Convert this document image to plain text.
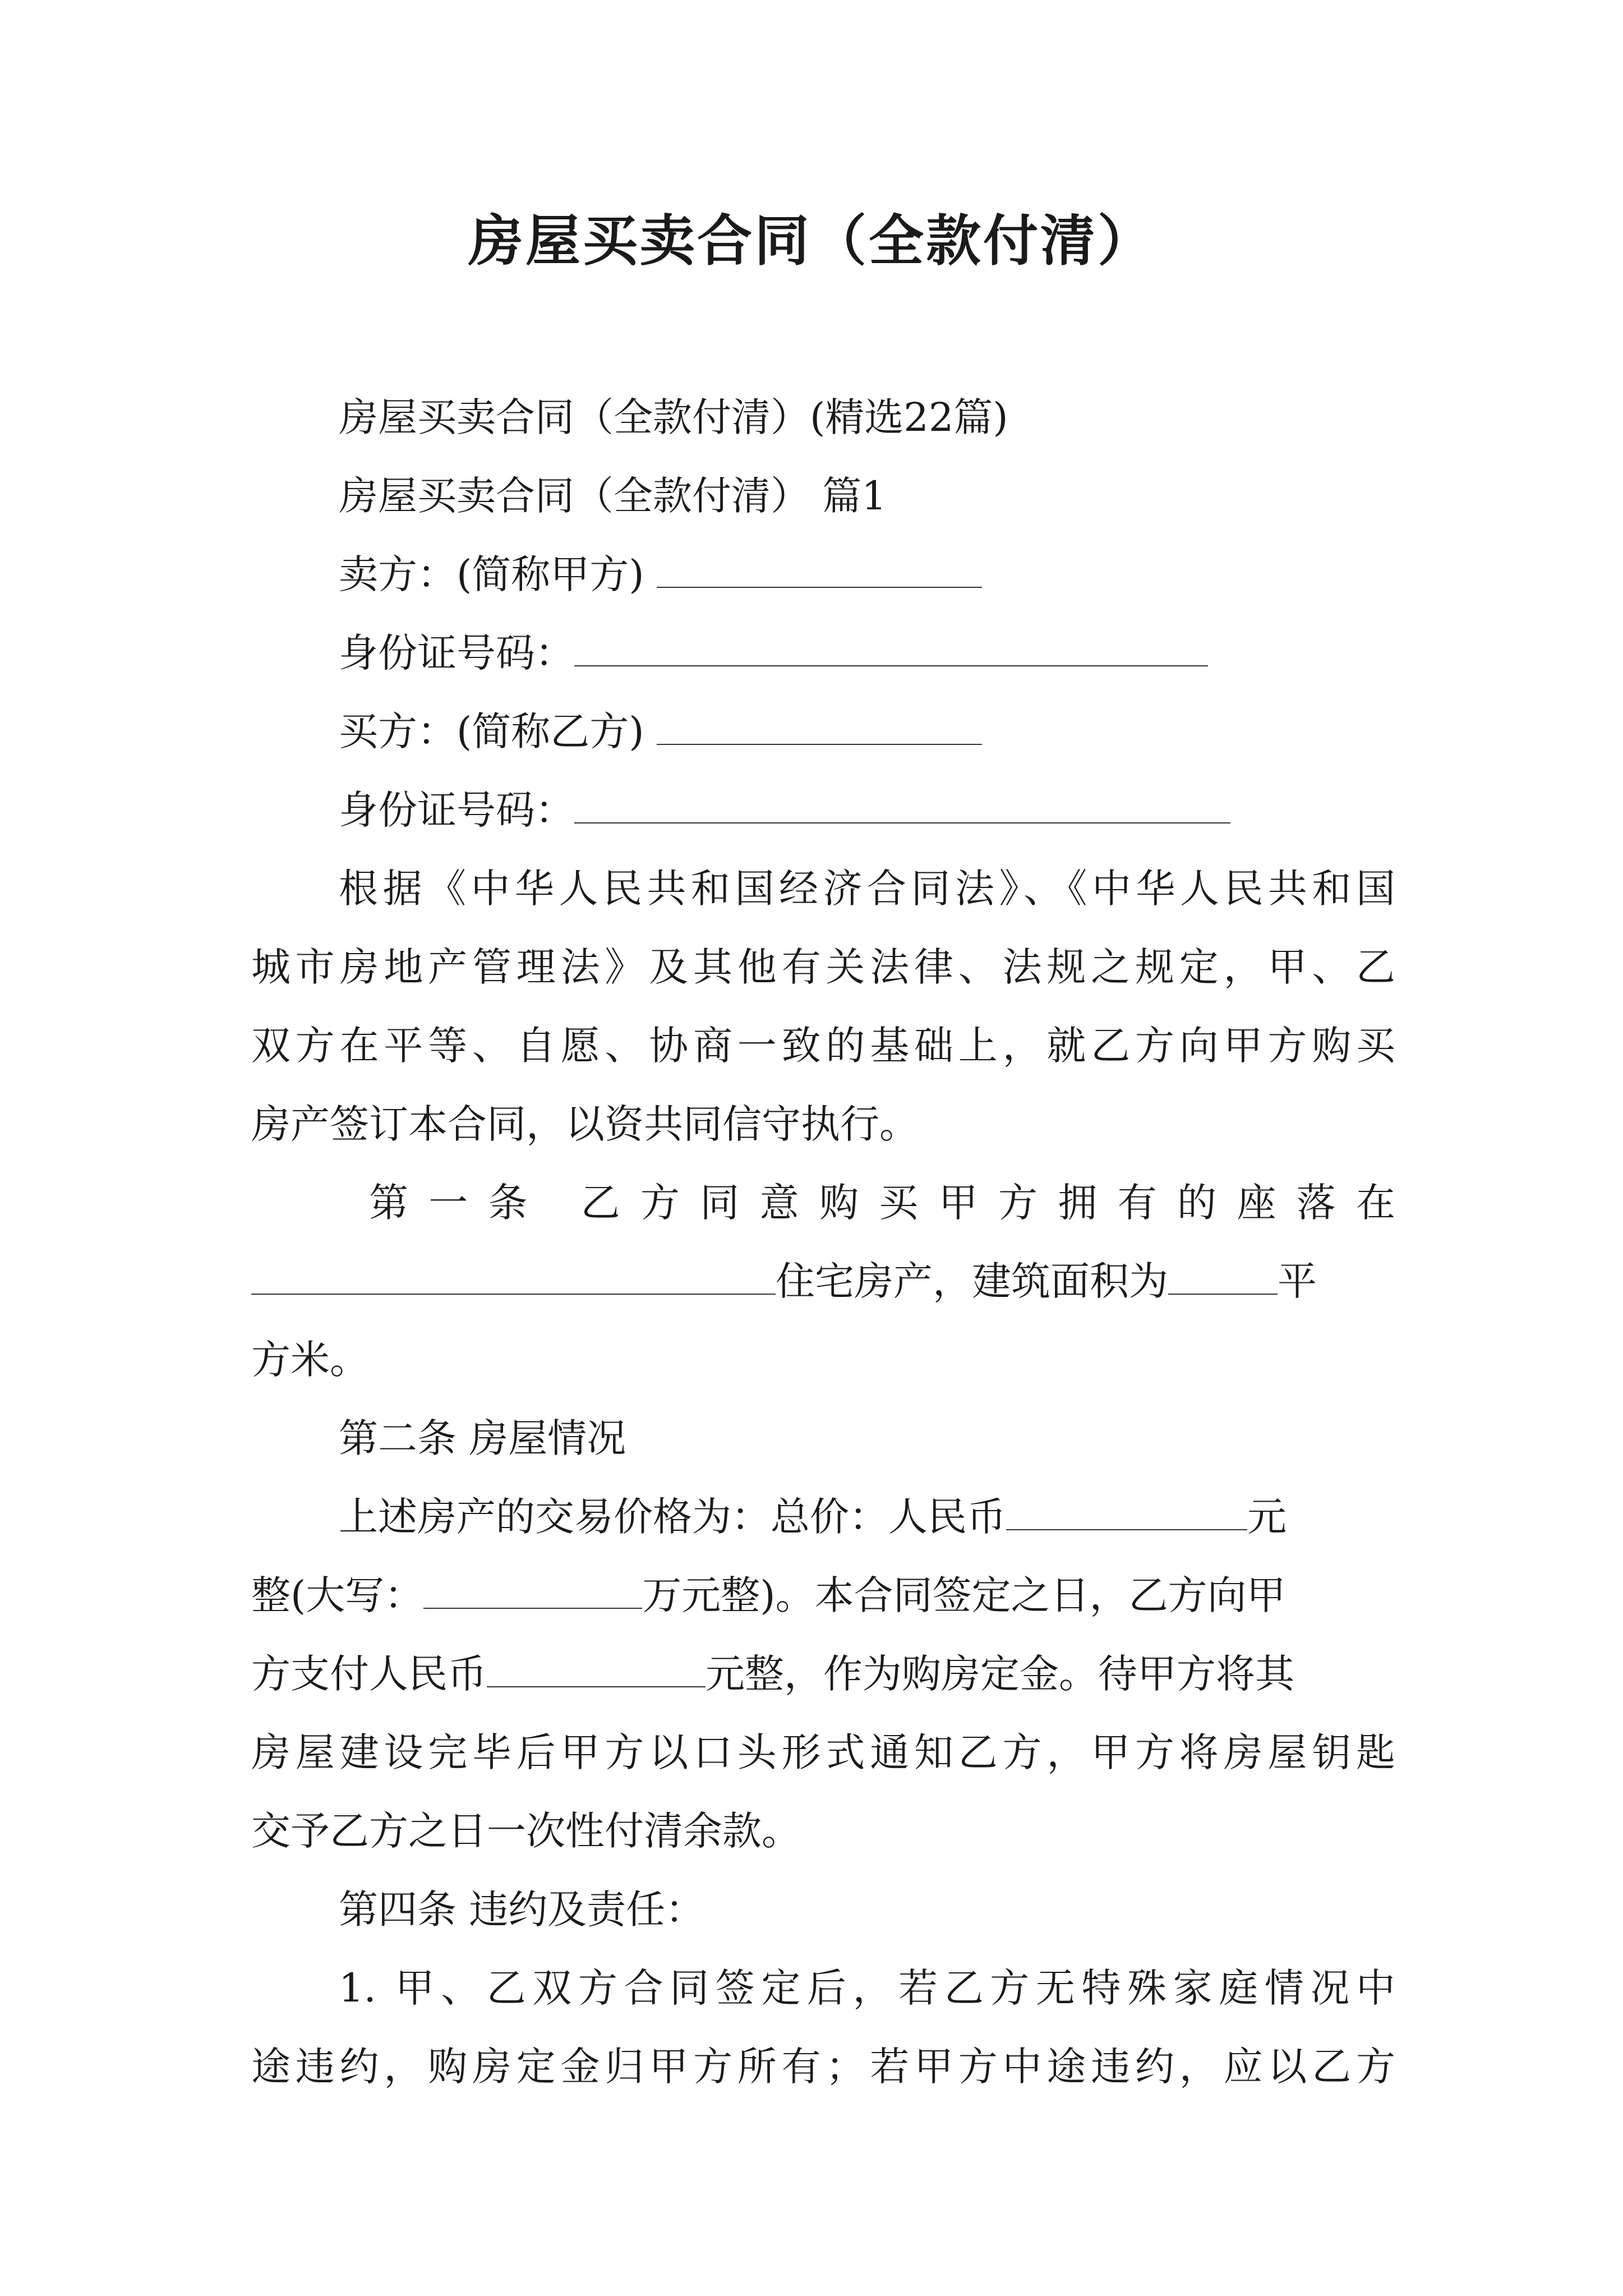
房屋买卖合同（全款付清）
房屋买卖合同（全款付清）(精选22篇)
房屋买卖合同（全款付清） 篇1
卖方：(简称甲方)
身份证号码：
买方：(简称乙方)
身份证号码：
根据《中华人民共和国经济合同法》、《中华人民共和国
城市房地产管理法》及其他有关法律、法规之规定，甲、乙
双方在平等、自愿、协商一致的基础上，就乙方向甲方购买
房产签订本合同，以资共同信守执行。
第一条 乙方同意购买甲方拥有的座落在
住宅房产，建筑面积为	平
方米。
第二条 房屋情况
上述房产的交易价格为：总价：人民币	元
整(大写：	万元整)。本合同签定之日，乙方向甲
方支付人民币	元整，作为购房定金。待甲方将其
房屋建设完毕后甲方以口头形式通知乙方，甲方将房屋钥匙
交予乙方之日一次性付清余款。
第四条 违约及责任：
1. 甲、乙双方合同签定后，若乙方无特殊家庭情况中
途违约，购房定金归甲方所有；若甲方中途违约，应以乙方
